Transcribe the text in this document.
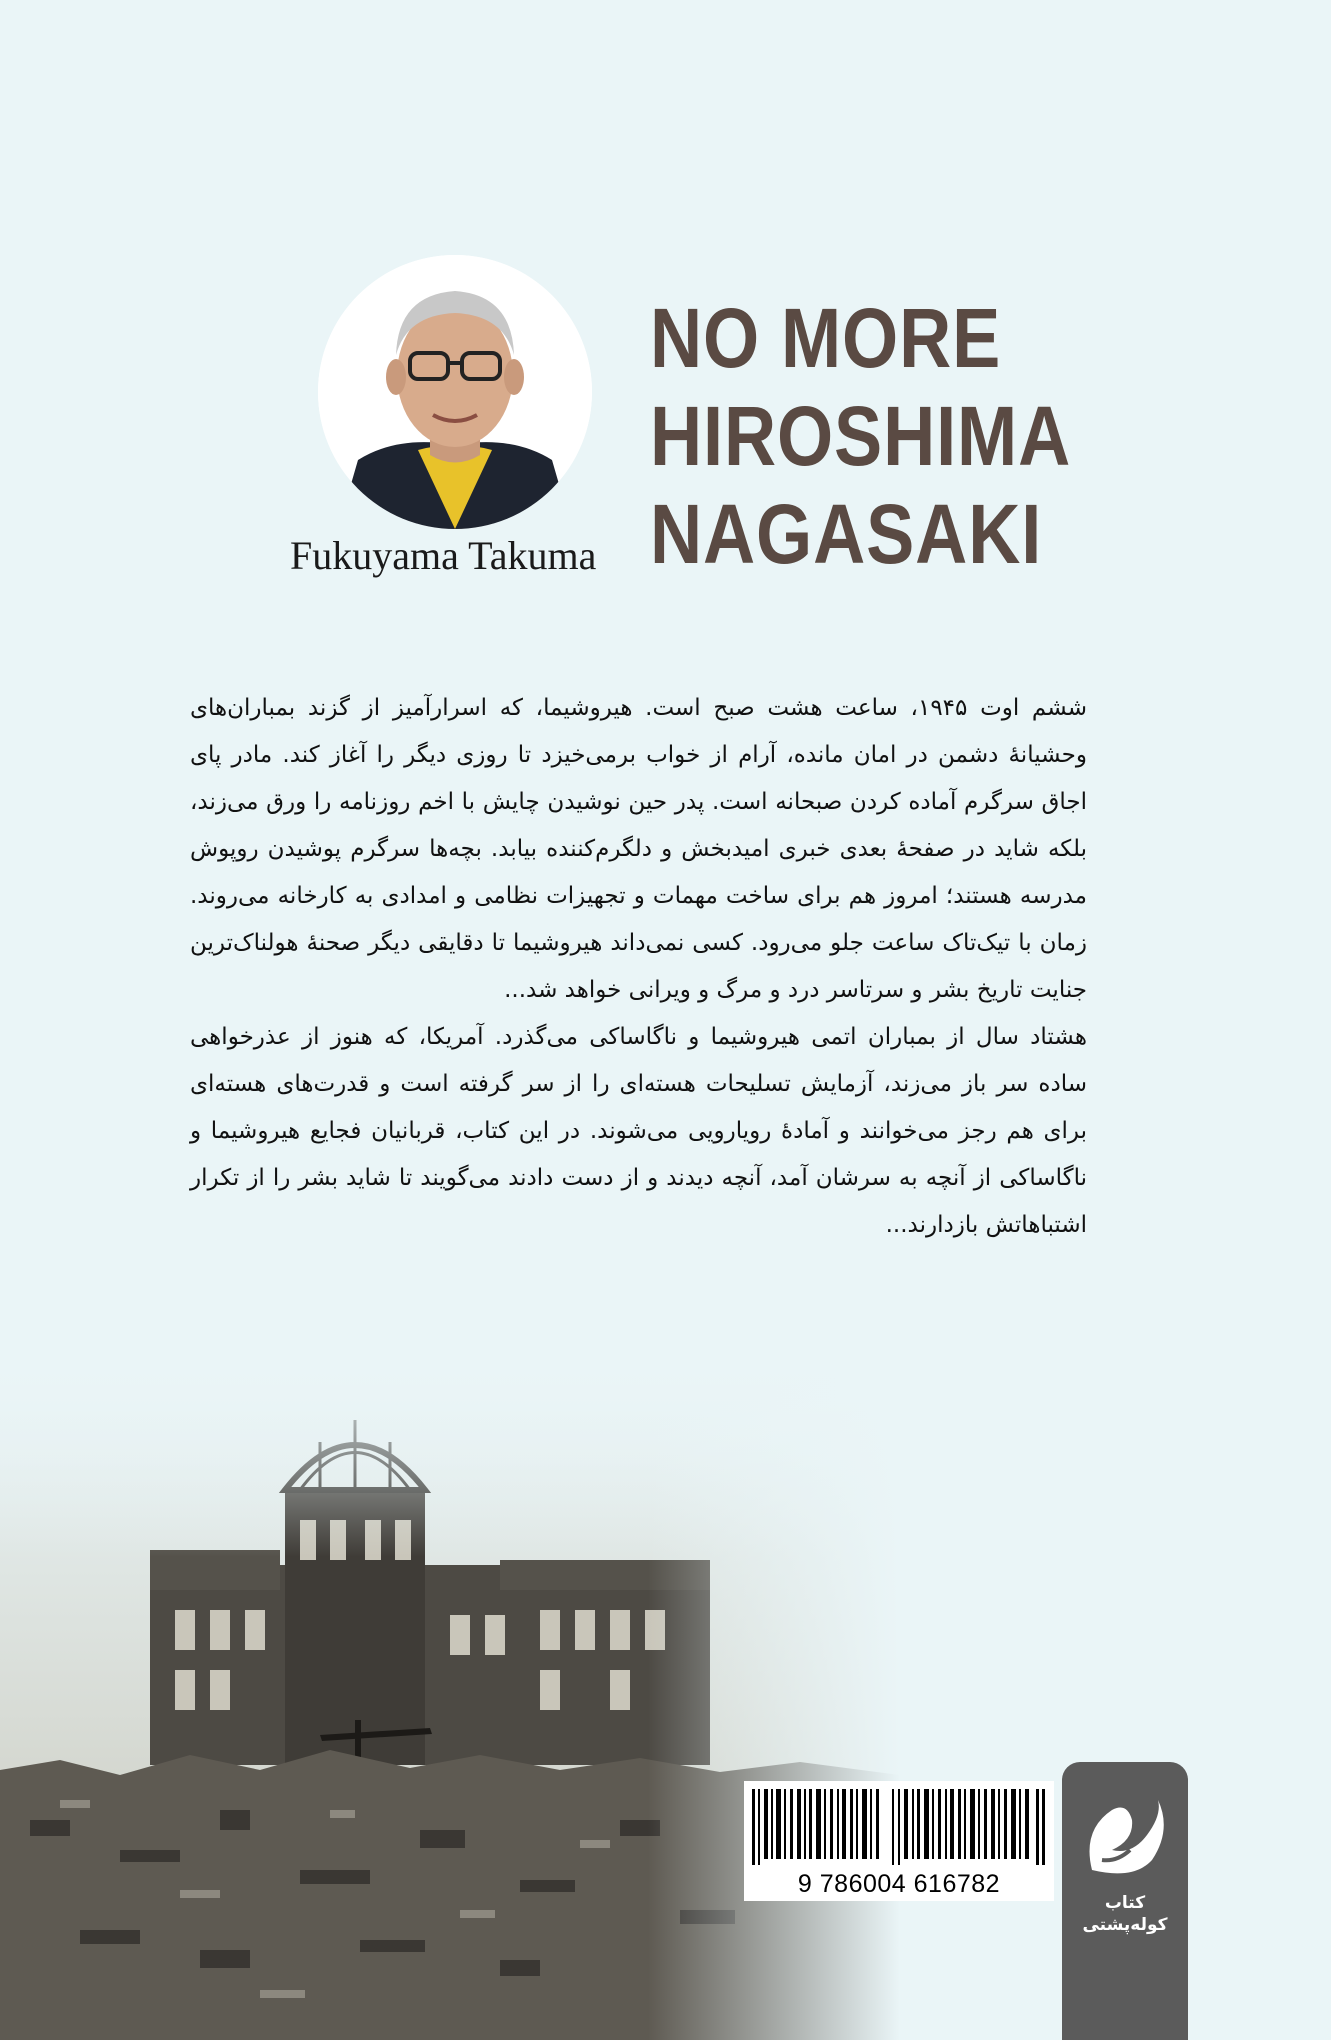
Fukuyama Takuma
NO MORE
HIROSHIMA
NAGASAKI

ششم اوت ۱۹۴۵، ساعت هشت صبح است. هیروشیما، که اسرارآمیز از گزند بمباران‌های وحشیانهٔ دشمن در امان مانده، آرام از خواب برمی‌خیزد تا روزی دیگر را آغاز کند. مادر پای اجاق سرگرم آماده کردن صبحانه است. پدر حین نوشیدن چایش با اخم روزنامه را ورق می‌زند، بلکه شاید در صفحهٔ بعدی خبری امیدبخش و دلگرم‌کننده بیابد. بچه‌ها سرگرم پوشیدن روپوش مدرسه هستند؛ امروز هم برای ساخت مهمات و تجهیزات نظامی و امدادی به کارخانه می‌روند. زمان با تیک‌تاک ساعت جلو می‌رود. کسی نمی‌داند هیروشیما تا دقایقی دیگر صحنهٔ هولناک‌ترین جنایت تاریخ بشر و سرتاسر درد و مرگ و ویرانی خواهد شد...

هشتاد سال از بمباران اتمی هیروشیما و ناگاساکی می‌گذرد. آمریکا، که هنوز از عذرخواهی ساده سر باز می‌زند، آزمایش تسلیحات هسته‌ای را از سر گرفته است و قدرت‌های هسته‌ای برای هم رجز می‌خوانند و آمادهٔ رویارویی می‌شوند. در این کتاب، قربانیان فجایع هیروشیما و ناگاساکی از آنچه به سرشان آمد، آنچه دیدند و از دست دادند می‌گویند تا شاید بشر را از تکرار اشتباهاتش بازدارند...

9 786004 616782
کتاب
کوله‌پشتی
